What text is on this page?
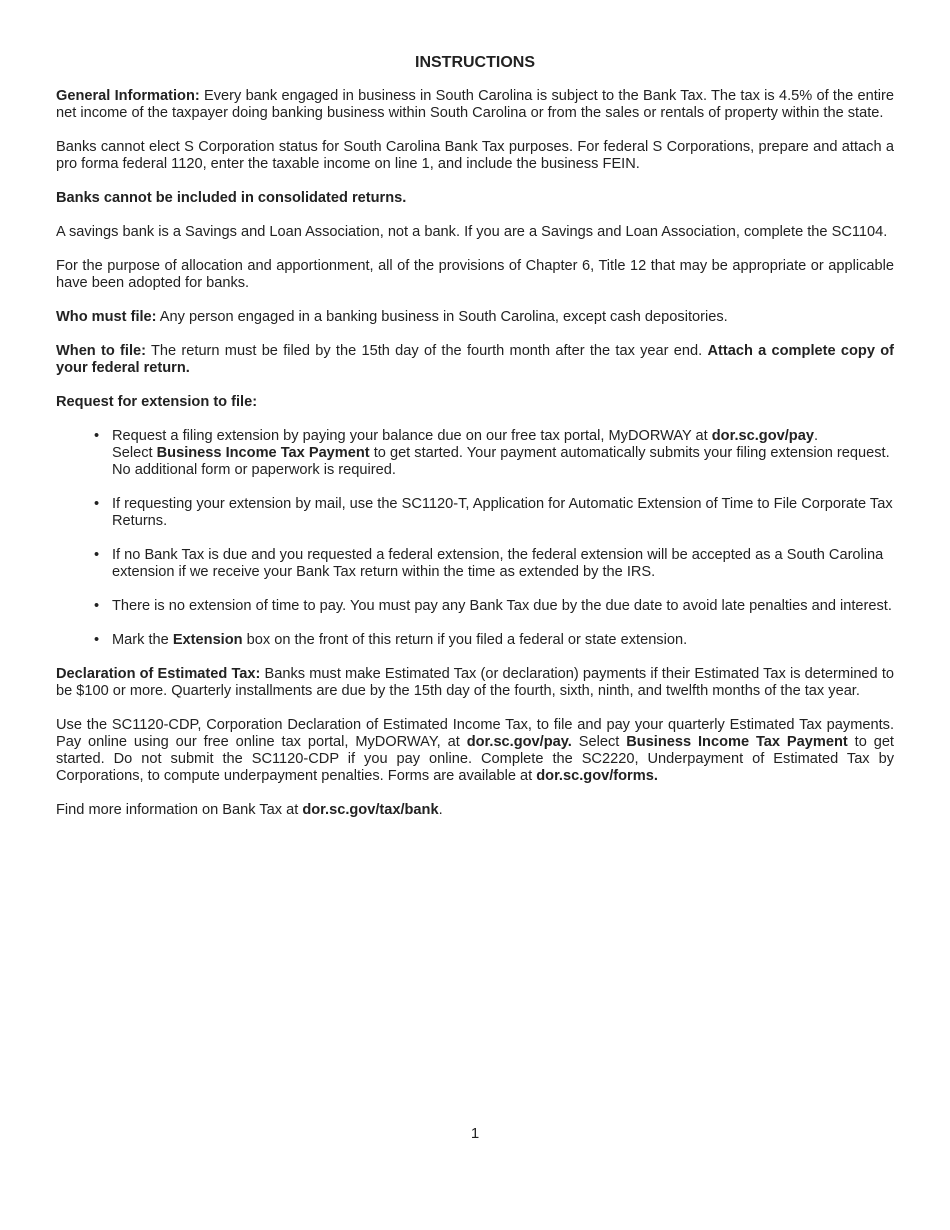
INSTRUCTIONS

General Information: Every bank engaged in business in South Carolina is subject to the Bank Tax. The tax is 4.5% of the entire net income of the taxpayer doing banking business within South Carolina or from the sales or rentals of property within the state.

Banks cannot elect S Corporation status for South Carolina Bank Tax purposes. For federal S Corporations, prepare and attach a pro forma federal 1120, enter the taxable income on line 1, and include the business FEIN.

Banks cannot be included in consolidated returns.

A savings bank is a Savings and Loan Association, not a bank. If you are a Savings and Loan Association, complete the SC1104.

For the purpose of allocation and apportionment, all of the provisions of Chapter 6, Title 12 that may be appropriate or applicable have been adopted for banks.

Who must file: Any person engaged in a banking business in South Carolina, except cash depositories.

When to file: The return must be filed by the 15th day of the fourth month after the tax year end. Attach a complete copy of your federal return.

Request for extension to file:

• Request a filing extension by paying your balance due on our free tax portal, MyDORWAY at dor.sc.gov/pay.
Select Business Income Tax Payment to get started. Your payment automatically submits your filing extension request. No additional form or paperwork is required.
• If requesting your extension by mail, use the SC1120-T, Application for Automatic Extension of Time to File Corporate Tax Returns.
• If no Bank Tax is due and you requested a federal extension, the federal extension will be accepted as a South Carolina extension if we receive your Bank Tax return within the time as extended by the IRS.
• There is no extension of time to pay. You must pay any Bank Tax due by the due date to avoid late penalties and interest.
• Mark the Extension box on the front of this return if you filed a federal or state extension.

Declaration of Estimated Tax: Banks must make Estimated Tax (or declaration) payments if their Estimated Tax is determined to be $100 or more. Quarterly installments are due by the 15th day of the fourth, sixth, ninth, and twelfth months of the tax year.

Use the SC1120-CDP, Corporation Declaration of Estimated Income Tax, to file and pay your quarterly Estimated Tax payments. Pay online using our free online tax portal, MyDORWAY, at dor.sc.gov/pay. Select Business Income Tax Payment to get started. Do not submit the SC1120-CDP if you pay online. Complete the SC2220, Underpayment of Estimated Tax by Corporations, to compute underpayment penalties. Forms are available at dor.sc.gov/forms.

Find more information on Bank Tax at dor.sc.gov/tax/bank.

1
